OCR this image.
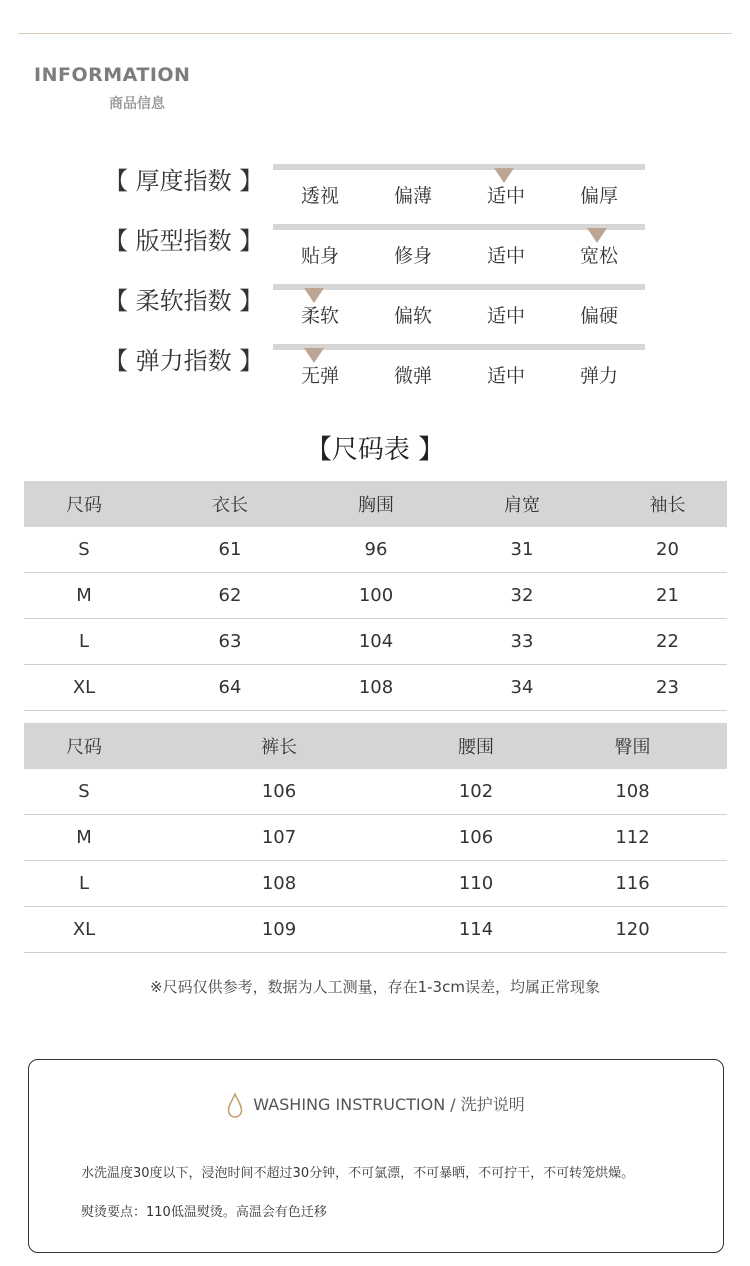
INFORMATION
商品信息
【 厚度指数 】
透视	偏薄	适中	偏厚
【 版型指数 】
贴身	修身	适中	宽松
【 柔软指数 】
柔软	偏软	适中	偏硬
【 弹力指数 】
无弹	微弹	适中	弹力
【尺码表 】
尺码	衣长	胸围	肩宽	袖长
S	61	96	31	20
M	62	100	32	21
L	63	104	33	22
XL	64	108	34	23
尺码	裤长	腰围	臀围
S	106	102	108
M	107	106	112
L	108	110	116
XL	109	114	120
※尺码仅供参考，数据为人工测量，存在1-3cm误差，均属正常现象
WASHING INSTRUCTION / 洗护说明
水洗温度30度以下，浸泡时间不超过30分钟，不可氯漂，不可暴晒，不可拧干，不可转笼烘燥。
熨烫要点：110低温熨烫。高温会有色迁移
